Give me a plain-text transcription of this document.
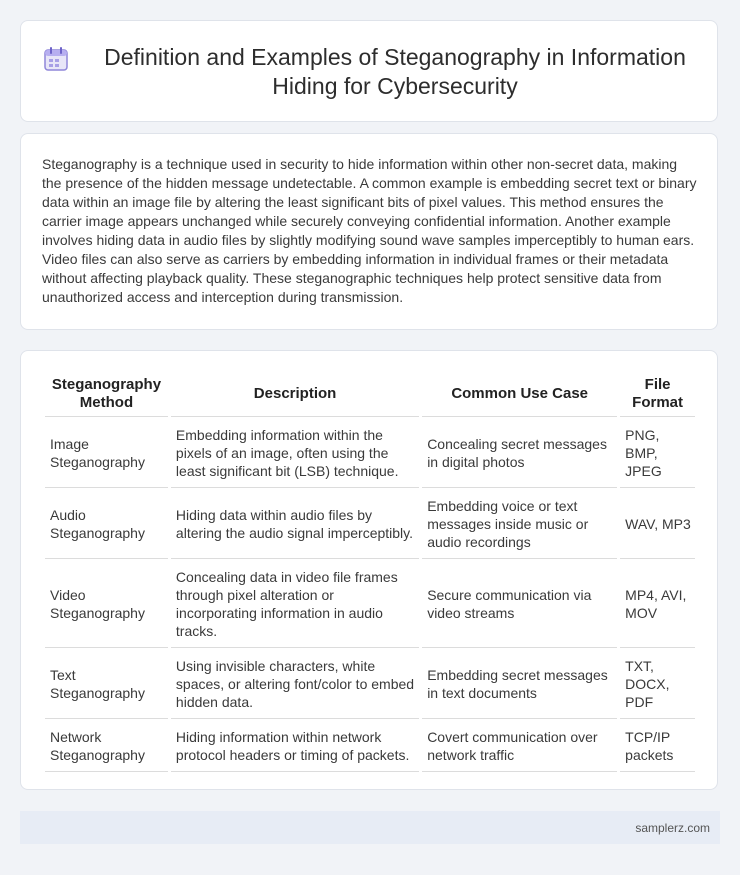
Definition and Examples of Steganography in Information Hiding for Cybersecurity

Steganography is a technique used in security to hide information within other non-secret data, making the presence of the hidden message undetectable. A common example is embedding secret text or binary data within an image file by altering the least significant bits of pixel values. This method ensures the carrier image appears unchanged while securely conveying confidential information. Another example involves hiding data in audio files by slightly modifying sound wave samples imperceptibly to human ears. Video files can also serve as carriers by embedding information in individual frames or their metadata without affecting playback quality. These steganographic techniques help protect sensitive data from unauthorized access and interception during transmission.

Steganography Method	Description	Common Use Case	File Format
Image Steganography	Embedding information within the pixels of an image, often using the least significant bit (LSB) technique.	Concealing secret messages in digital photos	PNG, BMP, JPEG
Audio Steganography	Hiding data within audio files by altering the audio signal imperceptibly.	Embedding voice or text messages inside music or audio recordings	WAV, MP3
Video Steganography	Concealing data in video file frames through pixel alteration or incorporating information in audio tracks.	Secure communication via video streams	MP4, AVI, MOV
Text Steganography	Using invisible characters, white spaces, or altering font/color to embed hidden data.	Embedding secret messages in text documents	TXT, DOCX, PDF
Network Steganography	Hiding information within network protocol headers or timing of packets.	Covert communication over network traffic	TCP/IP packets
samplerz.com
